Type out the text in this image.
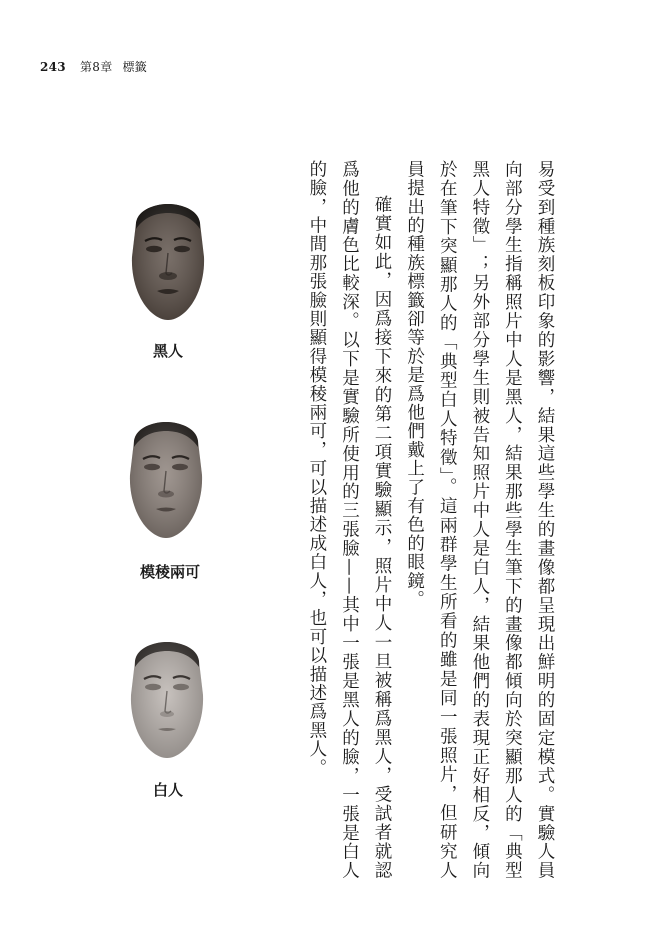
243 第8章 標籤
黑人
模稜兩可
白人	易受到種族刻板印象的影響，結果這些學生的畫像都呈現出鮮明的固定模式。實驗人員向部分學生指稱照片中人是黑人，結果那些學生筆下的畫像都傾向於突顯那人的「典型黑人特徵」；另外部分學生則被告知照片中人是白人，結果他們的表現正好相反，傾向於在筆下突顯那人的「典型白人特徵」。這兩群學生所看的雖是同一張照片，但研究人員提出的種族標籤卻等於是爲他們戴上了有色的眼鏡。

確實如此，因爲接下來的第二項實驗顯示，照片中人一旦被稱爲黑人，受試者就認爲他的膚色比較深。以下是實驗所使用的三張臉——其中一張是黑人的臉，一張是白人的臉，中間那張臉則顯得模稜兩可，可以描述成白人，也可以描述爲黑人。
